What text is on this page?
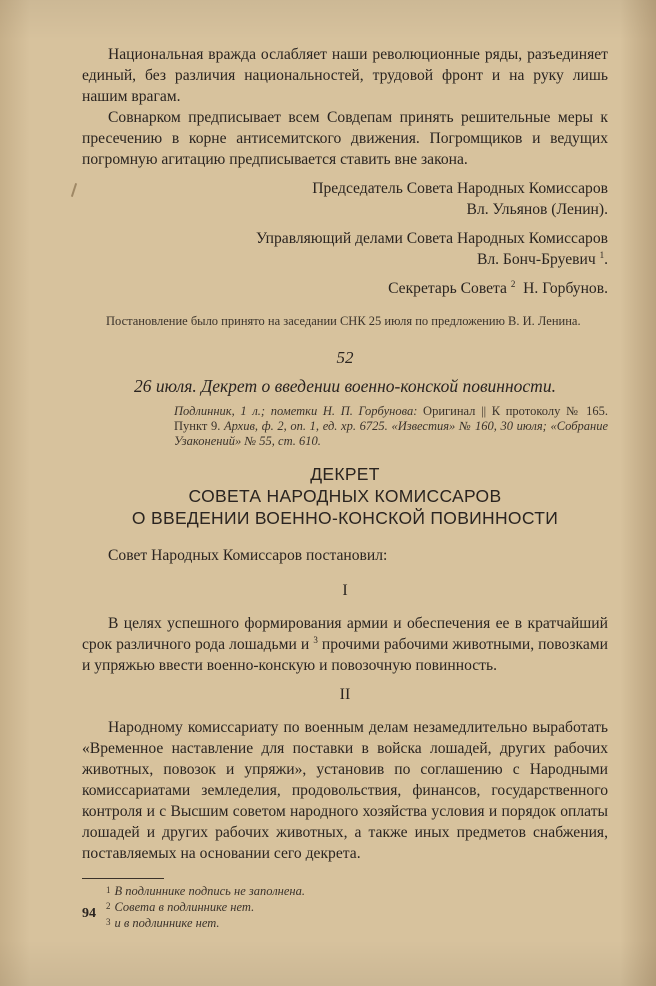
Национальная вражда ослабляет наши революционные ряды, разъединяет единый, без различия национальностей, трудовой фронт и на руку лишь нашим врагам.

Совнарком предписывает всем Совдепам принять решительные меры к пресечению в корне антисемитского движения. Погромщиков и ведущих погромную агитацию предписывается ставить вне закона.

Председатель Совета Народных Комиссаров

Вл. Ульянов (Ленин).

Управляющий делами Совета Народных Комиссаров

Вл. Бонч-Бруевич $^1$.

Секретарь Совета $^2$ Н. Горбунов.

Постановление было принято на заседании СНК 25 июля по предложению В. И. Ленина.

52

26 июля. Декрет о введении военно-конской повинности.

Подлинник, 1 л.; пометки Н. П. Горбунова: Оригинал || К протоколу № 165. Пункт 9. Архив, ф. 2, оп. 1, ед. хр. 6725. «Известия» № 160, 30 июля; «Собрание Узаконений» № 55, ст. 610.

ДЕКРЕТ

СОВЕТА НАРОДНЫХ КОМИССАРОВ

О ВВЕДЕНИИ ВОЕННО-КОНСКОЙ ПОВИННОСТИ

Совет Народных Комиссаров постановил:

I

В целях успешного формирования армии и обеспечения ее в кратчайший срок различного рода лошадьми и $^3$ прочими рабочими животными, повозками и упряжью ввести военно-конскую и повозочную повинность.

II

Народному комиссариату по военным делам незамедлительно выработать «Временное наставление для поставки в войска лошадей, других рабочих животных, повозок и упряжи», установив по соглашению с Народными комиссариатами земледелия, продовольствия, финансов, государственного контроля и с Высшим советом народного хозяйства условия и порядок оплаты лошадей и других рабочих животных, а также иных предметов снабжения, поставляемых на основании сего декрета.

1 В подлиннике подпись не заполнена.

2 Совета в подлиннике нет.

3 и в подлиннике нет.

94
